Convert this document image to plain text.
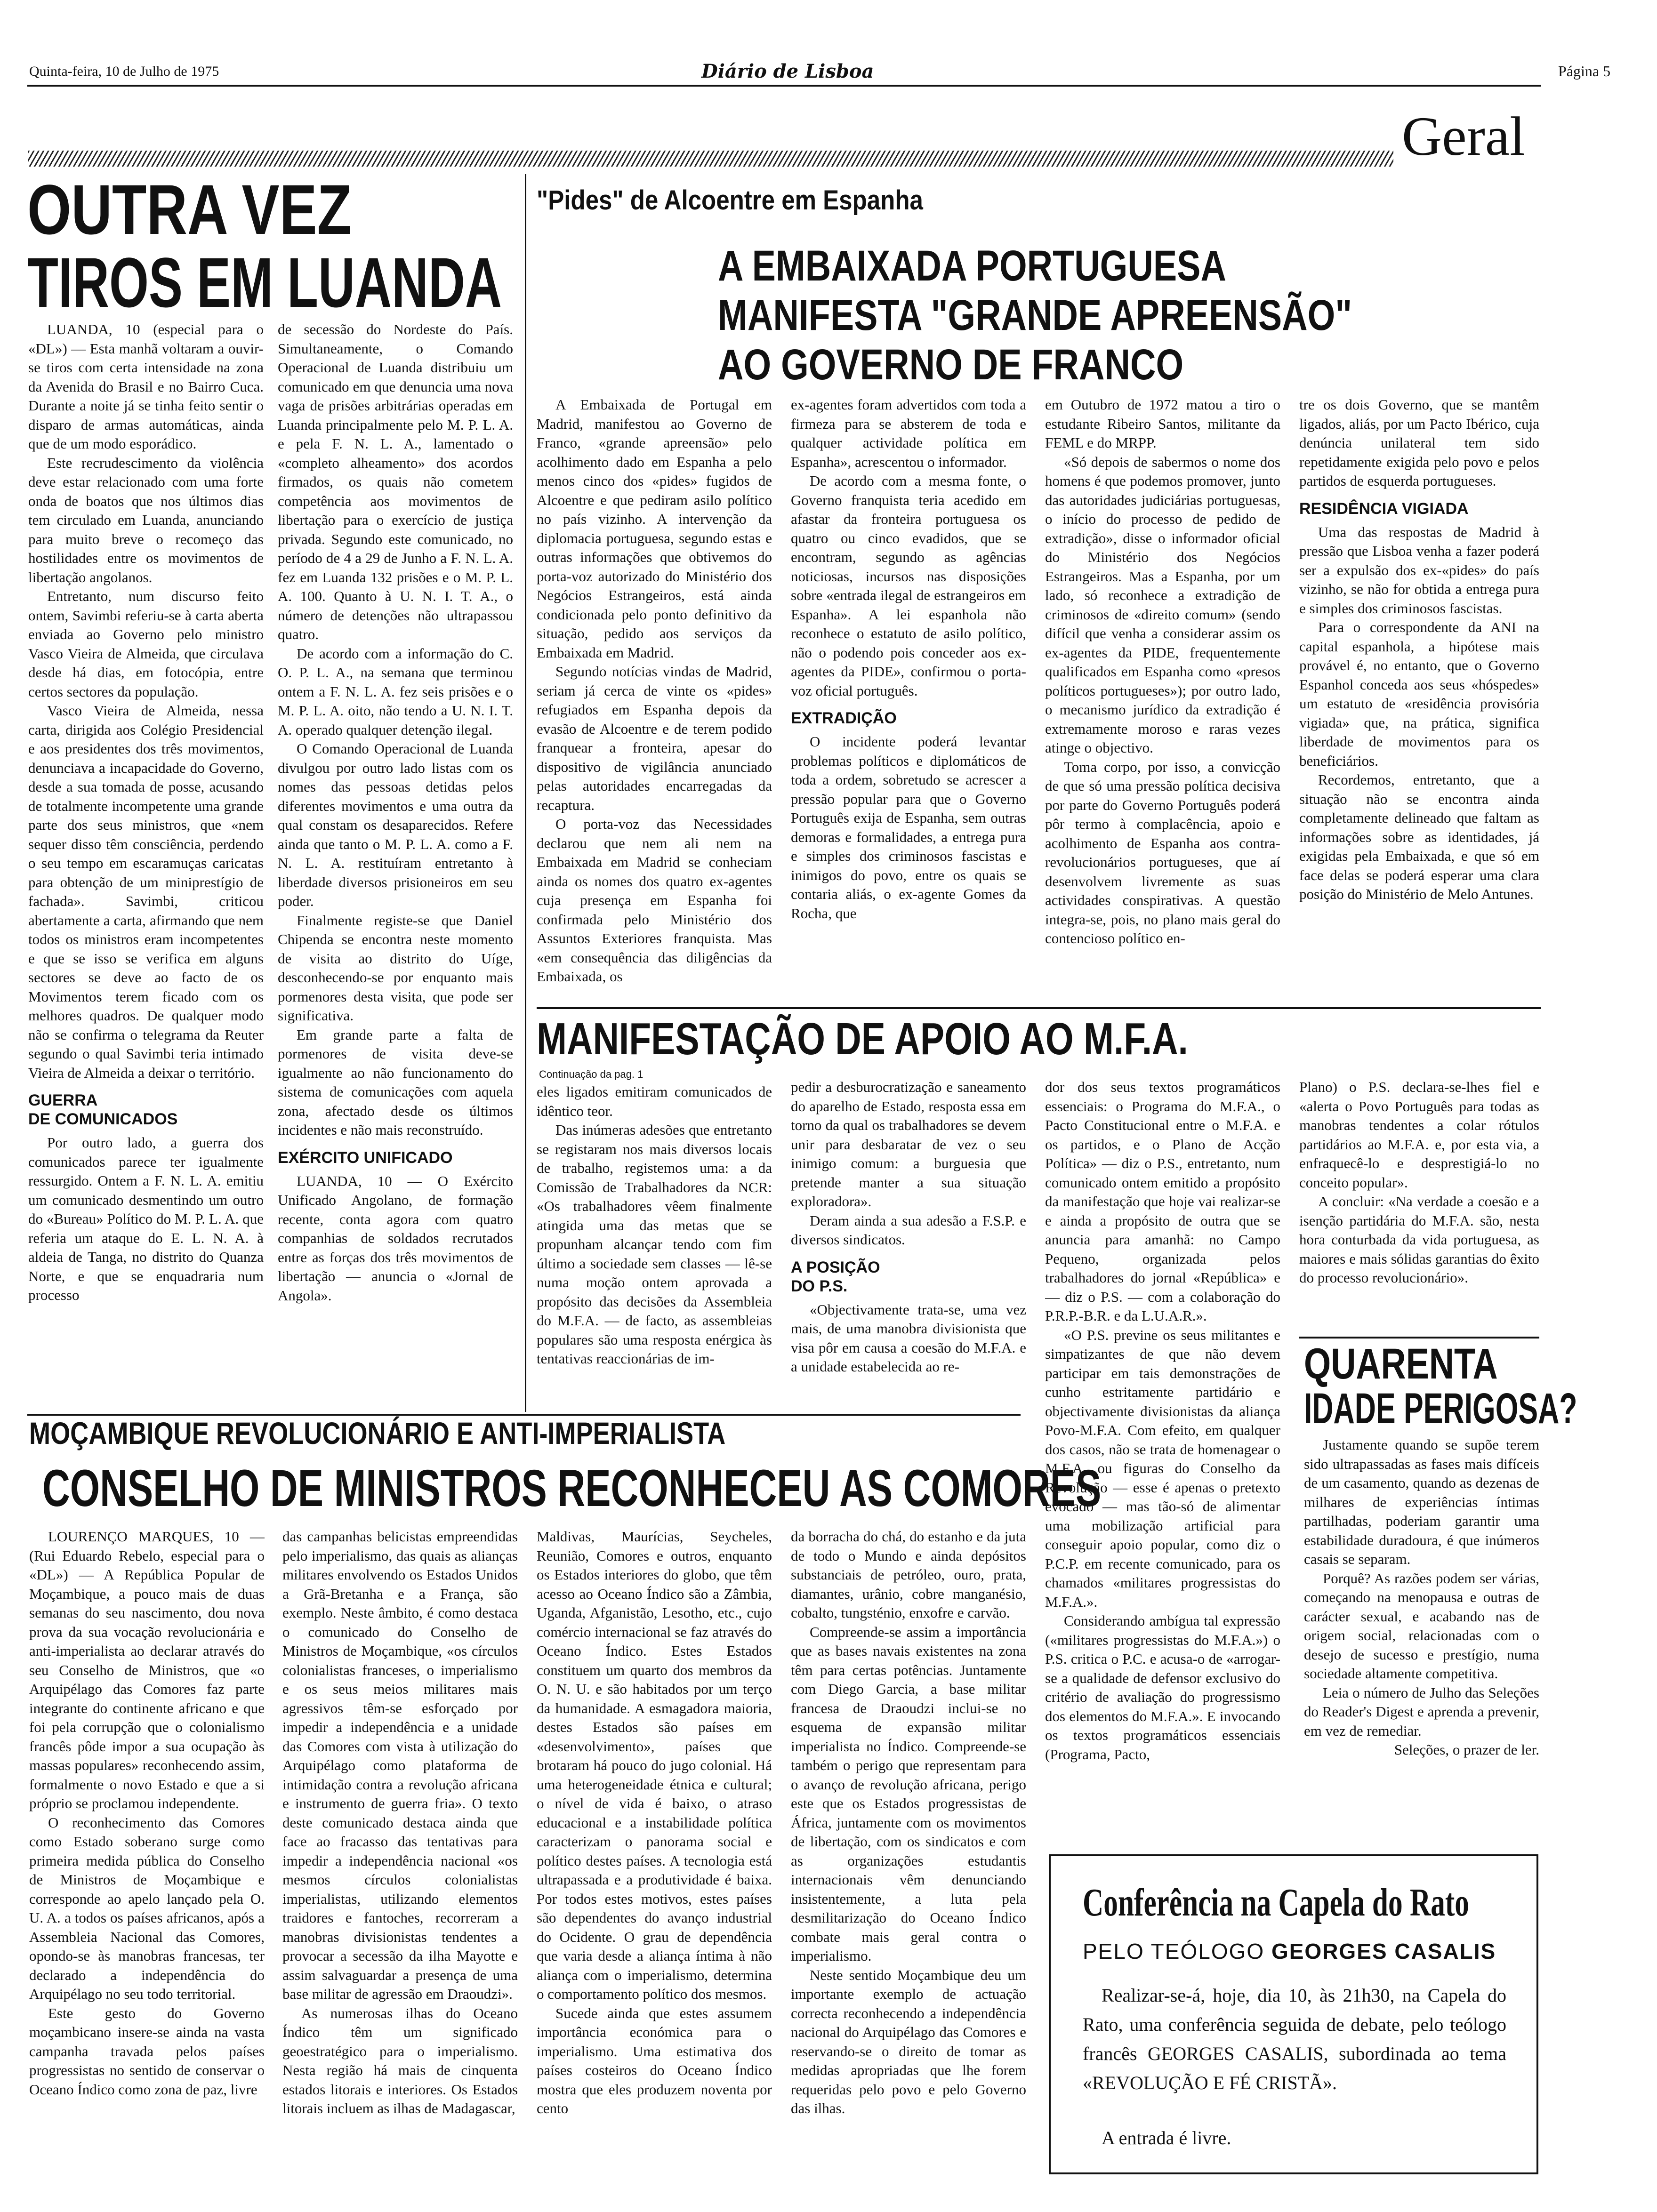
Quinta-feira, 10 de Julho de 1975	Diário de Lisboa	Página 5
Geral
OUTRA VEZ
TIROS EM LUANDA

LUANDA, 10 (especial para o «DL») — Esta manhã voltaram a ouvir-se tiros com certa intensidade na zona da Avenida do Brasil e no Bairro Cuca. Durante a noite já se tinha feito sentir o disparo de armas automáticas, ainda que de um modo esporádico.

Este recrudescimento da violência deve estar relacionado com uma forte onda de boatos que nos últimos dias tem circulado em Luanda, anunciando para muito breve o recomeço das hostilidades entre os movimentos de libertação angolanos.

Entretanto, num discurso feito ontem, Savimbi referiu-se à carta aberta enviada ao Governo pelo ministro Vasco Vieira de Almeida, que circulava desde há dias, em fotocópia, entre certos sectores da população.

Vasco Vieira de Almeida, nessa carta, dirigida aos Colégio Presidencial e aos presidentes dos três movimentos, denunciava a incapacidade do Governo, desde a sua tomada de posse, acusando de totalmente incompetente uma grande parte dos seus ministros, que «nem sequer disso têm consciência, perdendo o seu tempo em escaramuças caricatas para obtenção de um miniprestígio de fachada». Savimbi, criticou abertamente a carta, afirmando que nem todos os ministros eram incompetentes e que se isso se verifica em alguns sectores se deve ao facto de os Movimentos terem ficado com os melhores quadros. De qualquer modo não se confirma o telegrama da Reuter segundo o qual Savimbi teria intimado Vieira de Almeida a deixar o território.

GUERRA
DE COMUNICADOS

Por outro lado, a guerra dos comunicados parece ter igualmente ressurgido. Ontem a F. N. L. A. emitiu um comunicado desmentindo um outro do «Bureau» Político do M. P. L. A. que referia um ataque do E. L. N. A. à aldeia de Tanga, no distrito do Quanza Norte, e que se enquadraria num processo

de secessão do Nordeste do País. Simultaneamente, o Comando Operacional de Luanda distribuiu um comunicado em que denuncia uma nova vaga de prisões arbitrárias operadas em Luanda principalmente pelo M. P. L. A. e pela F. N. L. A., lamentado o «completo alheamento» dos acordos firmados, os quais não cometem competência aos movimentos de libertação para o exercício de justiça privada. Segundo este comunicado, no período de 4 a 29 de Junho a F. N. L. A. fez em Luanda 132 prisões e o M. P. L. A. 100. Quanto à U. N. I. T. A., o número de detenções não ultrapassou quatro.

De acordo com a informação do C. O. P. L. A., na semana que terminou ontem a F. N. L. A. fez seis prisões e o M. P. L. A. oito, não tendo a U. N. I. T. A. operado qualquer detenção ilegal.

O Comando Operacional de Luanda divulgou por outro lado listas com os nomes das pessoas detidas pelos diferentes movimentos e uma outra da qual constam os desaparecidos. Refere ainda que tanto o M. P. L. A. como a F. N. L. A. restituíram entretanto à liberdade diversos prisioneiros em seu poder.

Finalmente registe-se que Daniel Chipenda se encontra neste momento de visita ao distrito do Uíge, desconhecendo-se por enquanto mais pormenores desta visita, que pode ser significativa.

Em grande parte a falta de pormenores de visita deve-se igualmente ao não funcionamento do sistema de comunicações com aquela zona, afectado desde os últimos incidentes e não mais reconstruído.

EXÉRCITO UNIFICADO

LUANDA, 10 — O Exército Unificado Angolano, de formação recente, conta agora com quatro companhias de soldados recrutados entre as forças dos três movimentos de libertação — anuncia o «Jornal de Angola».

"Pides" de Alcoentre em Espanha
A EMBAIXADA PORTUGUESA
MANIFESTA "GRANDE APREENSÃO"
AO GOVERNO DE FRANCO

A Embaixada de Portugal em Madrid, manifestou ao Governo de Franco, «grande apreensão» pelo acolhimento dado em Espanha a pelo menos cinco dos «pides» fugidos de Alcoentre e que pediram asilo político no país vizinho. A intervenção da diplomacia portuguesa, segundo estas e outras informações que obtivemos do porta-voz autorizado do Ministério dos Negócios Estrangeiros, está ainda condicionada pelo ponto definitivo da situação, pedido aos serviços da Embaixada em Madrid.

Segundo notícias vindas de Madrid, seriam já cerca de vinte os «pides» refugiados em Espanha depois da evasão de Alcoentre e de terem podido franquear a fronteira, apesar do dispositivo de vigilância anunciado pelas autoridades encarregadas da recaptura.

O porta-voz das Necessidades declarou que nem ali nem na Embaixada em Madrid se conheciam ainda os nomes dos quatro ex-agentes cuja presença em Espanha foi confirmada pelo Ministério dos Assuntos Exteriores franquista. Mas «em consequência das diligências da Embaixada, os

ex-agentes foram advertidos com toda a firmeza para se absterem de toda e qualquer actividade política em Espanha», acrescentou o informador.

De acordo com a mesma fonte, o Governo franquista teria acedido em afastar da fronteira portuguesa os quatro ou cinco evadidos, que se encontram, segundo as agências noticiosas, incursos nas disposições sobre «entrada ilegal de estrangeiros em Espanha». A lei espanhola não reconhece o estatuto de asilo político, não o podendo pois conceder aos ex-agentes da PIDE», confirmou o porta-voz oficial português.

EXTRADIÇÃO

O incidente poderá levantar problemas políticos e diplomáticos de toda a ordem, sobretudo se acrescer a pressão popular para que o Governo Português exija de Espanha, sem outras demoras e formalidades, a entrega pura e simples dos criminosos fascistas e inimigos do povo, entre os quais se contaria aliás, o ex-agente Gomes da Rocha, que

em Outubro de 1972 matou a tiro o estudante Ribeiro Santos, militante da FEML e do MRPP.

«Só depois de sabermos o nome dos homens é que podemos promover, junto das autoridades judiciárias portuguesas, o início do processo de pedido de extradição», disse o informador oficial do Ministério dos Negócios Estrangeiros. Mas a Espanha, por um lado, só reconhece a extradição de criminosos de «direito comum» (sendo difícil que venha a considerar assim os ex-agentes da PIDE, frequentemente qualificados em Espanha como «presos políticos portugueses»); por outro lado, o mecanismo jurídico da extradição é extremamente moroso e raras vezes atinge o objectivo.

Toma corpo, por isso, a convicção de que só uma pressão política decisiva por parte do Governo Português poderá pôr termo à complacência, apoio e acolhimento de Espanha aos contra-revolucionários portugueses, que aí desenvolvem livremente as suas actividades conspirativas. A questão integra-se, pois, no plano mais geral do contencioso político en-

tre os dois Governo, que se mantêm ligados, aliás, por um Pacto Ibérico, cuja denúncia unilateral tem sido repetidamente exigida pelo povo e pelos partidos de esquerda portugueses.

RESIDÊNCIA VIGIADA

Uma das respostas de Madrid à pressão que Lisboa venha a fazer poderá ser a expulsão dos ex-«pides» do país vizinho, se não for obtida a entrega pura e simples dos criminosos fascistas.

Para o correspondente da ANI na capital espanhola, a hipótese mais provável é, no entanto, que o Governo Espanhol conceda aos seus «hóspedes» um estatuto de «residência provisória vigiada» que, na prática, significa liberdade de movimentos para os beneficiários.

Recordemos, entretanto, que a situação não se encontra ainda completamente delineado que faltam as informações sobre as identidades, já exigidas pela Embaixada, e que só em face delas se poderá esperar uma clara posição do Ministério de Melo Antunes.

MANIFESTAÇÃO DE APOIO AO M.F.A.
Continuação da pag. 1

eles ligados emitiram comunicados de idêntico teor.

Das inúmeras adesões que entretanto se registaram nos mais diversos locais de trabalho, registemos uma: a da Comissão de Trabalhadores da NCR: «Os trabalhadores vêem finalmente atingida uma das metas que se propunham alcançar tendo com fim último a sociedade sem classes — lê-se numa moção ontem aprovada a propósito das decisões da Assembleia do M.F.A. — de facto, as assembleias populares são uma resposta enérgica às tentativas reaccionárias de im-

pedir a desburocratização e saneamento do aparelho de Estado, resposta essa em torno da qual os trabalhadores se devem unir para desbaratar de vez o seu inimigo comum: a burguesia que pretende manter a sua situação exploradora».

Deram ainda a sua adesão a F.S.P. e diversos sindicatos.

A POSIÇÃO
DO P.S.

«Objectivamente trata-se, uma vez mais, de uma manobra divisionista que visa pôr em causa a coesão do M.F.A. e a unidade estabelecida ao re-

dor dos seus textos programáticos essenciais: o Programa do M.F.A., o Pacto Constitucional entre o M.F.A. e os partidos, e o Plano de Acção Política» — diz o P.S., entretanto, num comunicado ontem emitido a propósito da manifestação que hoje vai realizar-se e ainda a propósito de outra que se anuncia para amanhã: no Campo Pequeno, organizada pelos trabalhadores do jornal «República» e — diz o P.S. — com a colaboração do P.R.P.-B.R. e da L.U.A.R.».

«O P.S. previne os seus militantes e simpatizantes de que não devem participar em tais demonstrações de cunho estritamente partidário e objectivamente divisionistas da aliança Povo-M.F.A. Com efeito, em qualquer dos casos, não se trata de homenagear o M.F.A. ou figuras do Conselho da Revolução — esse é apenas o pretexto evocado — mas tão-só de alimentar uma mobilização artificial para conseguir apoio popular, como diz o P.C.P. em recente comunicado, para os chamados «militares progressistas do M.F.A.».

Considerando ambígua tal expressão («militares progressistas do M.F.A.») o P.S. critica o P.C. e acusa-o de «arrogar-se a qualidade de defensor exclusivo do critério de avaliação do progressismo dos elementos do M.F.A.». E invocando os textos programáticos essenciais (Programa, Pacto,

Plano) o P.S. declara-se-lhes fiel e «alerta o Povo Português para todas as manobras tendentes a colar rótulos partidários ao M.F.A. e, por esta via, a enfraquecê-lo e desprestigiá-lo no conceito popular».

A concluir: «Na verdade a coesão e a isenção partidária do M.F.A. são, nesta hora conturbada da vida portuguesa, as maiores e mais sólidas garantias do êxito do processo revolucionário».

QUARENTA
IDADE PERIGOSA?

Justamente quando se supõe terem sido ultrapassadas as fases mais difíceis de um casamento, quando as dezenas de milhares de experiências íntimas partilhadas, poderiam garantir uma estabilidade duradoura, é que inúmeros casais se separam.

Porquê? As razões podem ser várias, começando na menopausa e outras de carácter sexual, e acabando nas de origem social, relacionadas com o desejo de sucesso e prestígio, numa sociedade altamente competitiva.

Leia o número de Julho das Seleções do Reader's Digest e aprenda a prevenir, em vez de remediar.

Seleções, o prazer de ler.

MOÇAMBIQUE REVOLUCIONÁRIO E ANTI-IMPERIALISTA
CONSELHO DE MINISTROS RECONHECEU AS COMORES

LOURENÇO MARQUES, 10 — (Rui Eduardo Rebelo, especial para o «DL») — A República Popular de Moçambique, a pouco mais de duas semanas do seu nascimento, dou nova prova da sua vocação revolucionária e anti-imperialista ao declarar através do seu Conselho de Ministros, que «o Arquipélago das Comores faz parte integrante do continente africano e que foi pela corrupção que o colonialismo francês pôde impor a sua ocupação às massas populares» reconhecendo assim, formalmente o novo Estado e que a si próprio se proclamou independente.

O reconhecimento das Comores como Estado soberano surge como primeira medida pública do Conselho de Ministros de Moçambique e corresponde ao apelo lançado pela O. U. A. a todos os países africanos, após a Assembleia Nacional das Comores, opondo-se às manobras francesas, ter declarado a independência do Arquipélago no seu todo territorial.

Este gesto do Governo moçambicano insere-se ainda na vasta campanha travada pelos países progressistas no sentido de conservar o Oceano Índico como zona de paz, livre

das campanhas belicistas empreendidas pelo imperialismo, das quais as alianças militares envolvendo os Estados Unidos a Grã-Bretanha e a França, são exemplo. Neste âmbito, é como destaca o comunicado do Conselho de Ministros de Moçambique, «os círculos colonialistas franceses, o imperialismo e os seus meios militares mais agressivos têm-se esforçado por impedir a independência e a unidade das Comores com vista à utilização do Arquipélago como plataforma de intimidação contra a revolução africana e instrumento de guerra fria». O texto deste comunicado destaca ainda que face ao fracasso das tentativas para impedir a independência nacional «os mesmos círculos colonialistas imperialistas, utilizando elementos traidores e fantoches, recorreram a manobras divisionistas tendentes a provocar a secessão da ilha Mayotte e assim salvaguardar a presença de uma base militar de agressão em Draoudzi».

As numerosas ilhas do Oceano Índico têm um significado geoestratégico para o imperialismo. Nesta região há mais de cinquenta estados litorais e interiores. Os Estados litorais incluem as ilhas de Madagascar,

Maldivas, Maurícias, Seycheles, Reunião, Comores e outros, enquanto os Estados interiores do globo, que têm acesso ao Oceano Índico são a Zâmbia, Uganda, Afganistão, Lesotho, etc., cujo comércio internacional se faz através do Oceano Índico. Estes Estados constituem um quarto dos membros da O. N. U. e são habitados por um terço da humanidade. A esmagadora maioria, destes Estados são países em «desenvolvimento», países que brotaram há pouco do jugo colonial. Há uma heterogeneidade étnica e cultural; o nível de vida é baixo, o atraso educacional e a instabilidade política caracterizam o panorama social e político destes países. A tecnologia está ultrapassada e a produtividade é baixa. Por todos estes motivos, estes países são dependentes do avanço industrial do Ocidente. O grau de dependência que varia desde a aliança íntima à não aliança com o imperialismo, determina o comportamento político dos mesmos.

Sucede ainda que estes assumem importância económica para o imperialismo. Uma estimativa dos países costeiros do Oceano Índico mostra que eles produzem noventa por cento

da borracha do chá, do estanho e da juta de todo o Mundo e ainda depósitos substanciais de petróleo, ouro, prata, diamantes, urânio, cobre manganésio, cobalto, tungsténio, enxofre e carvão.

Compreende-se assim a importância que as bases navais existentes na zona têm para certas potências. Juntamente com Diego Garcia, a base militar francesa de Draoudzi inclui-se no esquema de expansão militar imperialista no Índico. Compreende-se também o perigo que representam para o avanço de revolução africana, perigo este que os Estados progressistas de África, juntamente com os movimentos de libertação, com os sindicatos e com as organizações estudantis internacionais vêm denunciando insistentemente, a luta pela desmilitarização do Oceano Índico combate mais geral contra o imperialismo.

Neste sentido Moçambique deu um importante exemplo de actuação correcta reconhecendo a independência nacional do Arquipélago das Comores e reservando-se o direito de tomar as medidas apropriadas que lhe forem requeridas pelo povo e pelo Governo das ilhas.

Conferência na Capela do Rato
PELO TEÓLOGO GEORGES CASALIS
Realizar-se-á, hoje, dia 10, às 21h30, na Capela do Rato, uma conferência seguida de debate, pelo teólogo francês GEORGES CASALIS, subordinada ao tema «REVOLUÇÃO E FÉ CRISTÃ».
A entrada é livre.
